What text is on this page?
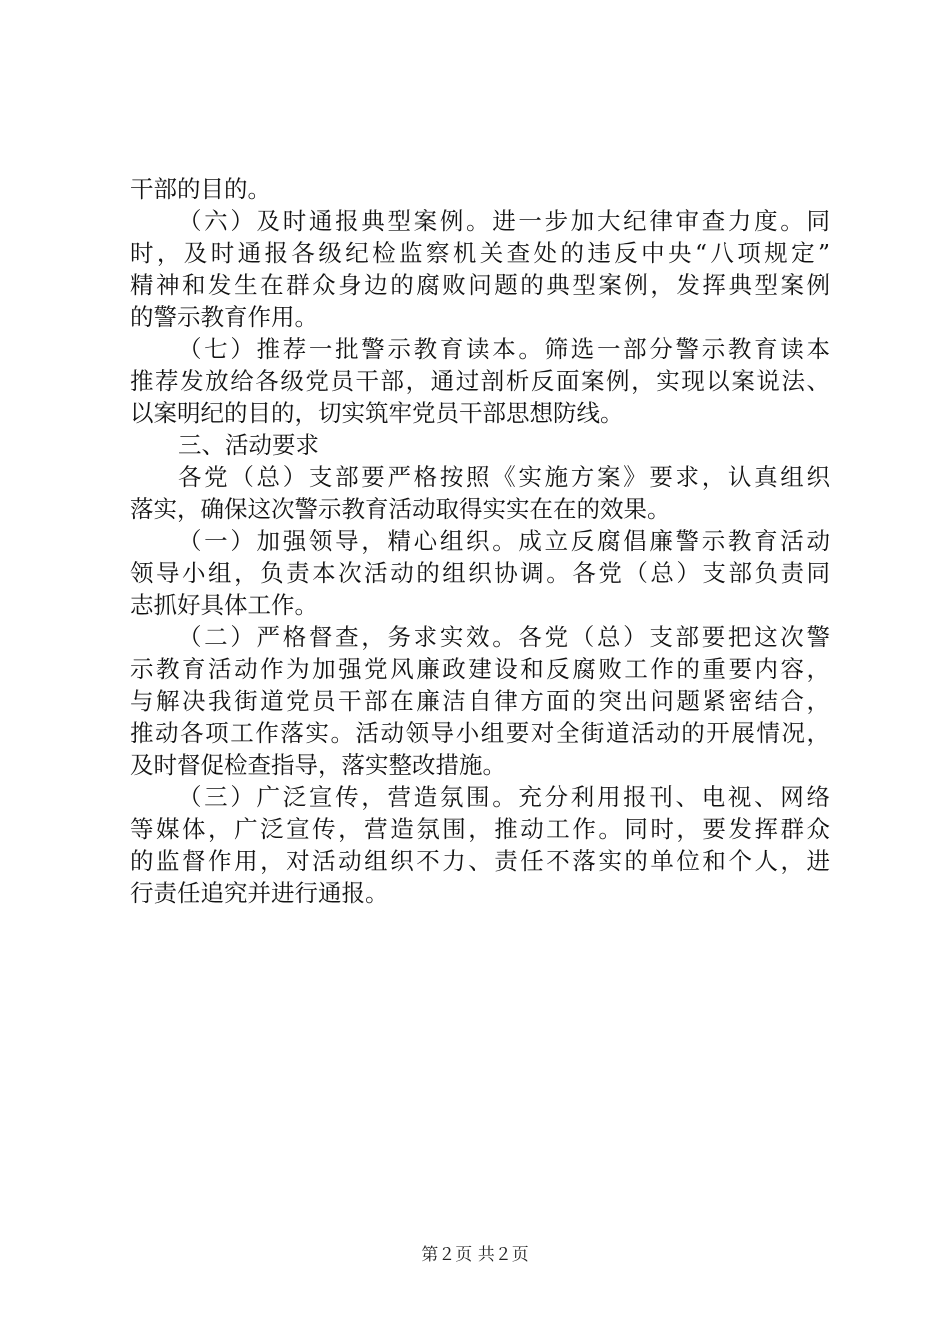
干部的目的。
（六）及时通报典型案例。进一步加大纪律审查力度。同
时，及时通报各级纪检监察机关查处的违反中央“八项规定”
精神和发生在群众身边的腐败问题的典型案例，发挥典型案例
的警示教育作用。
（七）推荐一批警示教育读本。筛选一部分警示教育读本
推荐发放给各级党员干部，通过剖析反面案例，实现以案说法、
以案明纪的目的，切实筑牢党员干部思想防线。
三、活动要求
各党（总）支部要严格按照《实施方案》要求，认真组织
落实，确保这次警示教育活动取得实实在在的效果。
（一）加强领导，精心组织。成立反腐倡廉警示教育活动
领导小组，负责本次活动的组织协调。各党（总）支部负责同
志抓好具体工作。
（二）严格督查，务求实效。各党（总）支部要把这次警
示教育活动作为加强党风廉政建设和反腐败工作的重要内容，
与解决我街道党员干部在廉洁自律方面的突出问题紧密结合，
推动各项工作落实。活动领导小组要对全街道活动的开展情况，
及时督促检查指导，落实整改措施。
（三）广泛宣传，营造氛围。充分利用报刊、电视、网络
等媒体，广泛宣传，营造氛围，推动工作。同时，要发挥群众
的监督作用，对活动组织不力、责任不落实的单位和个人，进
行责任追究并进行通报。
第２页 共２页
